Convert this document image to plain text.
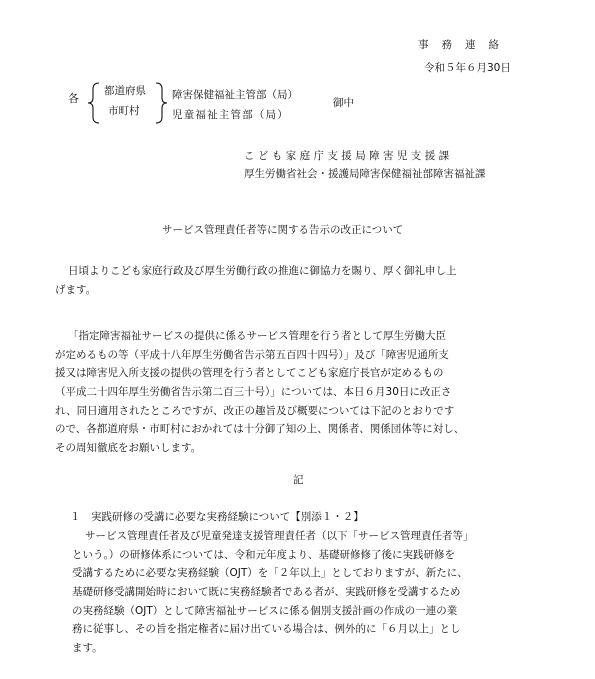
事務連絡
令和５年６月30日
各
都道府県
市町村
障害保健福祉主管部（局）
児童福祉主管部（局）
御中
こども家庭庁支援局障害児支援課
厚生労働省社会・援護局障害保健福祉部障害福祉課
サービス管理責任者等に関する告示の改正について
日頃よりこども家庭行政及び厚生労働行政の推進に御協力を賜り、厚く御礼申し上
げます。
「指定障害福祉サービスの提供に係るサービス管理を行う者として厚生労働大臣
が定めるもの等（平成十八年厚生労働省告示第五百四十四号）」及び「障害児通所支
援又は障害児入所支援の提供の管理を行う者としてこども家庭庁長官が定めるもの
（平成二十四年厚生労働省告示第二百三十号）」については、本日６月30日に改正さ
れ、同日適用されたところですが、改正の趣旨及び概要については下記のとおりです
ので、各都道府県・市町村におかれては十分御了知の上、関係者、関係団体等に対し、
その周知徹底をお願いします。
記
１　実践研修の受講に必要な実務経験について【別添１・２】
サービス管理責任者及び児童発達支援管理責任者（以下「サービス管理責任者等」
という。）の研修体系については、令和元年度より、基礎研修修了後に実践研修を
受講するために必要な実務経験（OJT）を「２年以上」としておりますが、新たに、
基礎研修受講開始時において既に実務経験者である者が、実践研修を受講するため
の実務経験（OJT）として障害福祉サービスに係る個別支援計画の作成の一連の業
務に従事し、その旨を指定権者に届け出ている場合は、例外的に「６月以上」とし
ます。
